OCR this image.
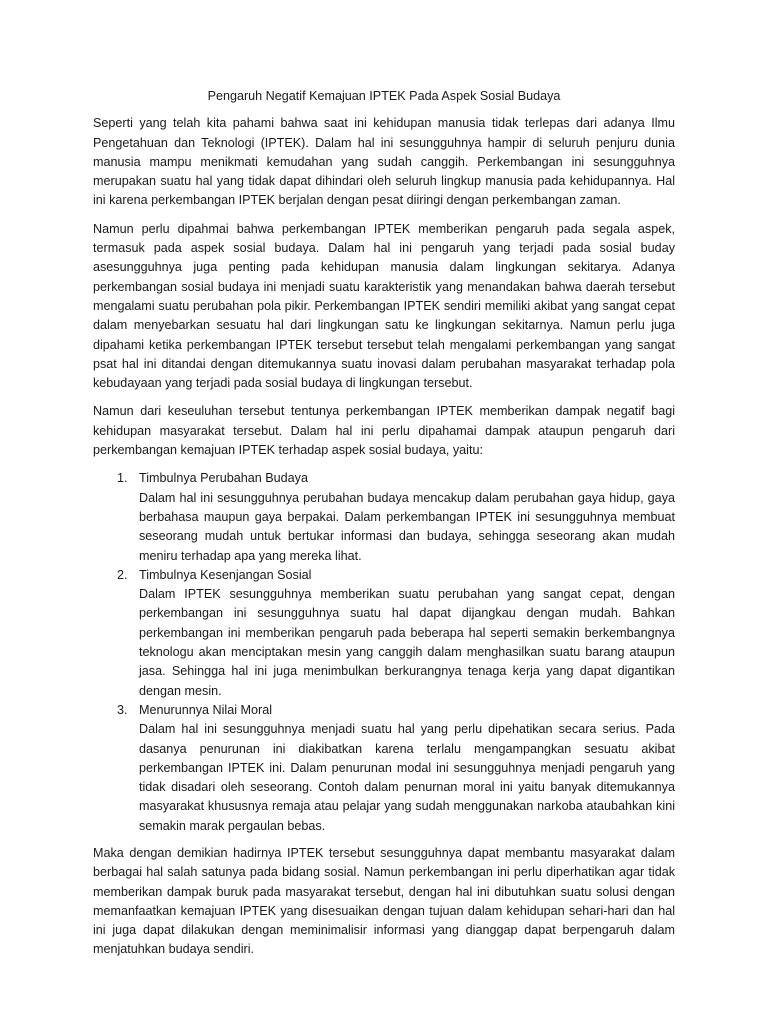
Pengaruh Negatif Kemajuan IPTEK Pada Aspek Sosial Budaya
Seperti yang telah kita pahami bahwa saat ini kehidupan manusia tidak terlepas dari adanya Ilmu Pengetahuan dan Teknologi (IPTEK). Dalam hal ini sesungguhnya hampir di seluruh penjuru dunia manusia mampu menikmati kemudahan yang sudah canggih. Perkembangan ini sesungguhnya merupakan suatu hal yang tidak dapat dihindari oleh seluruh lingkup manusia pada kehidupannya. Hal ini karena perkembangan IPTEK berjalan dengan pesat diiringi dengan perkembangan zaman.
Namun perlu dipahmai bahwa perkembangan IPTEK memberikan pengaruh pada segala aspek, termasuk pada aspek sosial budaya. Dalam hal ini pengaruh yang terjadi pada sosial buday asesungguhnya juga penting pada kehidupan manusia dalam lingkungan sekitarya. Adanya perkembangan sosial budaya ini menjadi suatu karakteristik yang menandakan bahwa daerah tersebut mengalami suatu perubahan pola pikir. Perkembangan IPTEK sendiri memiliki akibat yang sangat cepat dalam menyebarkan sesuatu hal dari lingkungan satu ke lingkungan sekitarnya. Namun perlu juga dipahami ketika perkembangan IPTEK tersebut tersebut telah mengalami perkembangan yang sangat psat hal ini ditandai dengan ditemukannya suatu inovasi dalam perubahan masyarakat terhadap pola kebudayaan yang terjadi pada sosial budaya di lingkungan tersebut.
Namun dari keseuluhan tersebut tentunya perkembangan IPTEK memberikan dampak negatif bagi kehidupan masyarakat tersebut. Dalam hal ini perlu dipahamai dampak ataupun pengaruh dari perkembangan kemajuan IPTEK terhadap aspek sosial budaya, yaitu:
1. Timbulnya Perubahan Budaya
Dalam hal ini sesungguhnya perubahan budaya mencakup dalam perubahan gaya hidup, gaya berbahasa maupun gaya berpakai. Dalam perkembangan IPTEK ini sesungguhnya membuat seseorang mudah untuk bertukar informasi dan budaya, sehingga seseorang akan mudah meniru terhadap apa yang mereka lihat.
2. Timbulnya Kesenjangan Sosial
Dalam IPTEK sesungguhnya memberikan suatu perubahan yang sangat cepat, dengan perkembangan ini sesungguhnya suatu hal dapat dijangkau dengan mudah. Bahkan perkembangan ini memberikan pengaruh pada beberapa hal seperti semakin berkembangnya teknologu akan menciptakan mesin yang canggih dalam menghasilkan suatu barang ataupun jasa. Sehingga hal ini juga menimbulkan berkurangnya tenaga kerja yang dapat digantikan dengan mesin.
3. Menurunnya Nilai Moral
Dalam hal ini sesungguhnya menjadi suatu hal yang perlu dipehatikan secara serius. Pada dasanya penurunan ini diakibatkan karena terlalu mengampangkan sesuatu akibat perkembangan IPTEK ini. Dalam penurunan modal ini sesungguhnya menjadi pengaruh yang tidak disadari oleh seseorang. Contoh dalam penurnan moral ini yaitu banyak ditemukannya masyarakat khususnya remaja atau pelajar yang sudah menggunakan narkoba ataubahkan kini semakin marak pergaulan bebas.
Maka dengan demikian hadirnya IPTEK tersebut sesungguhnya dapat membantu masyarakat dalam berbagai hal salah satunya pada bidang sosial. Namun perkembangan ini perlu diperhatikan agar tidak memberikan dampak buruk pada masyarakat tersebut, dengan hal ini dibutuhkan suatu solusi dengan memanfaatkan kemajuan IPTEK yang disesuaikan dengan tujuan dalam kehidupan sehari-hari dan hal ini juga dapat dilakukan dengan meminimalisir informasi yang dianggap dapat berpengaruh dalam menjatuhkan budaya sendiri.
